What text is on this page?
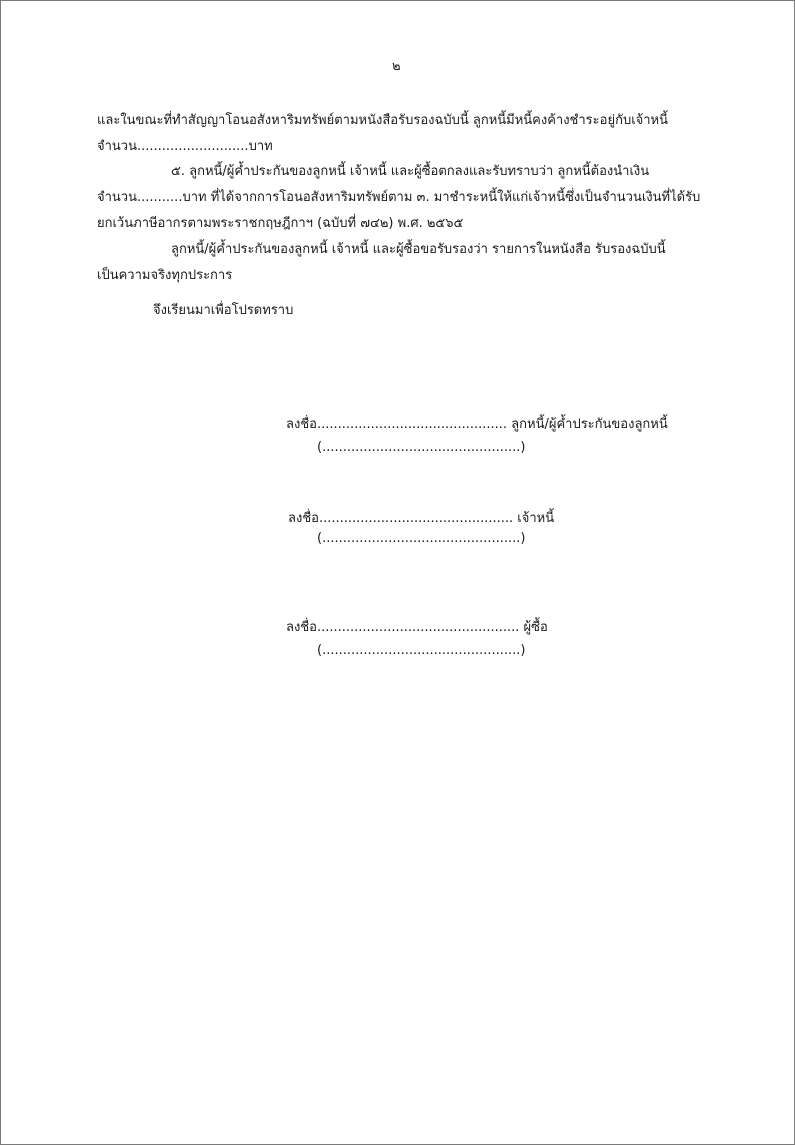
๒
และในขณะที่ทำสัญญาโอนอสังหาริมทรัพย์ตามหนังสือรับรองฉบับนี้ ลูกหนี้มีหนี้คงค้างชำระอยู่กับเจ้าหนี้
จำนวน...........................บาท
๕. ลูกหนี้/ผู้ค้ำประกันของลูกหนี้ เจ้าหนี้ และผู้ซื้อตกลงและรับทราบว่า ลูกหนี้ต้องนำเงิน
จำนวน...........บาท ที่ได้จากการโอนอสังหาริมทรัพย์ตาม ๓. มาชำระหนี้ให้แก่เจ้าหนี้ซึ่งเป็นจำนวนเงินที่ได้รับ
ยกเว้นภาษีอากรตามพระราชกฤษฎีกาฯ (ฉบับที่ ๗๔๒) พ.ศ. ๒๕๖๕
ลูกหนี้/ผู้ค้ำประกันของลูกหนี้ เจ้าหนี้ และผู้ซื้อขอรับรองว่า รายการในหนังสือ รับรองฉบับนี้
เป็นความจริงทุกประการ
จึงเรียนมาเพื่อโปรดทราบ
ลงชื่อ.............................................. ลูกหนี้/ผู้ค้ำประกันของลูกหนี้
(................................................)
ลงชื่อ............................................... เจ้าหนี้
(................................................)
ลงชื่อ................................................. ผู้ซื้อ
(................................................)
